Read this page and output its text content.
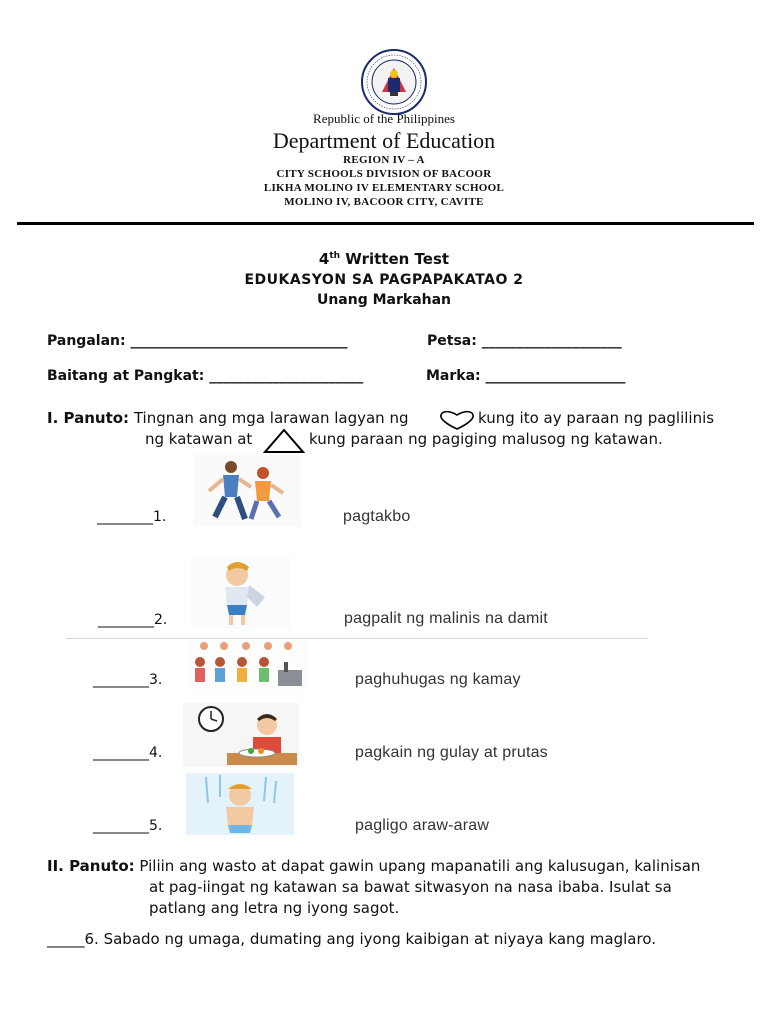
Republic of the Philippines
Department of Education
REGION IV – A
CITY SCHOOLS DIVISION OF BACOOR
LIKHA MOLINO IV ELEMENTARY SCHOOL
MOLINO IV, BACOOR CITY, CAVITE
4th Written Test
EDUKASYON SA PAGPAPAKATAO 2
Unang Markahan
Pangalan: _______________________________	Petsa: ____________________
Baitang at Pangkat: ______________________	Marka: ____________________
I. Panuto: Tingnan ang mga larawan lagyan ng	kung ito ay paraan ng paglilinis
ng katawan at	kung paraan ng pagiging malusog ng katawan.
________1.	pagtakbo
________2.	pagpalit ng malinis na damit
________3.	paghuhugas ng kamay
________4.	pagkain ng gulay at prutas
________5.	pagligo araw-araw
II. Panuto: Piliin ang wasto at dapat gawin upang mapanatili ang kalusugan, kalinisan
at pag-iingat ng katawan sa bawat sitwasyon na nasa ibaba. Isulat sa
patlang ang letra ng iyong sagot.
_____6. Sabado ng umaga, dumating ang iyong kaibigan at niyaya kang maglaro.
